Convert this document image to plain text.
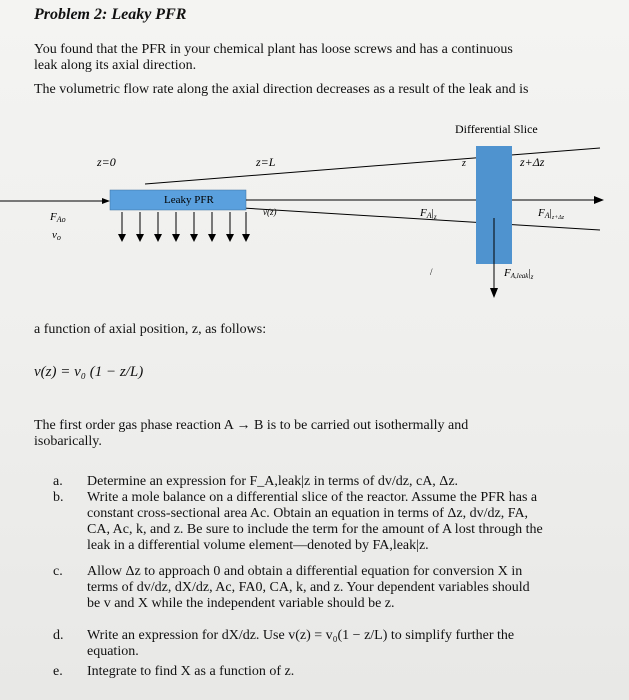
Problem 2: Leaky PFR
You found that the PFR in your chemical plant has loose screws and has a continuous
leak along its axial direction.
The volumetric flow rate along the axial direction decreases as a result of the leak and is
Differential Slice
z=0	z=L	z	z+Δz
Leaky PFR
v(z)
FAo
vo
$FA|_z$	$FA|_{z+\Delta z}$
$FA,leak|_z$
/
a function of axial position, z, as follows:
v(z) = v₀ (1 − z/L)
The first order gas phase reaction A → B is to be carried out isothermally and
isobarically.
a. Determine an expression for F_A,leak|z in terms of dv/dz, cA, Δz.
b. Write a mole balance on a differential slice of the reactor. Assume the PFR has a
constant cross-sectional area Ac. Obtain an equation in terms of Δz, dv/dz, FA,
CA, Ac, k, and z. Be sure to include the term for the amount of A lost through the
leak in a differential volume element—denoted by FA,leak|z.
c. Allow Δz to approach 0 and obtain a differential equation for conversion X in
terms of dv/dz, dX/dz, Ac, FA0, CA, k, and z. Your dependent variables should
be v and X while the independent variable should be z.
d. Write an expression for dX/dz. Use v(z) = v₀(1 − z/L) to simplify further the
equation.
e. Integrate to find X as a function of z.
